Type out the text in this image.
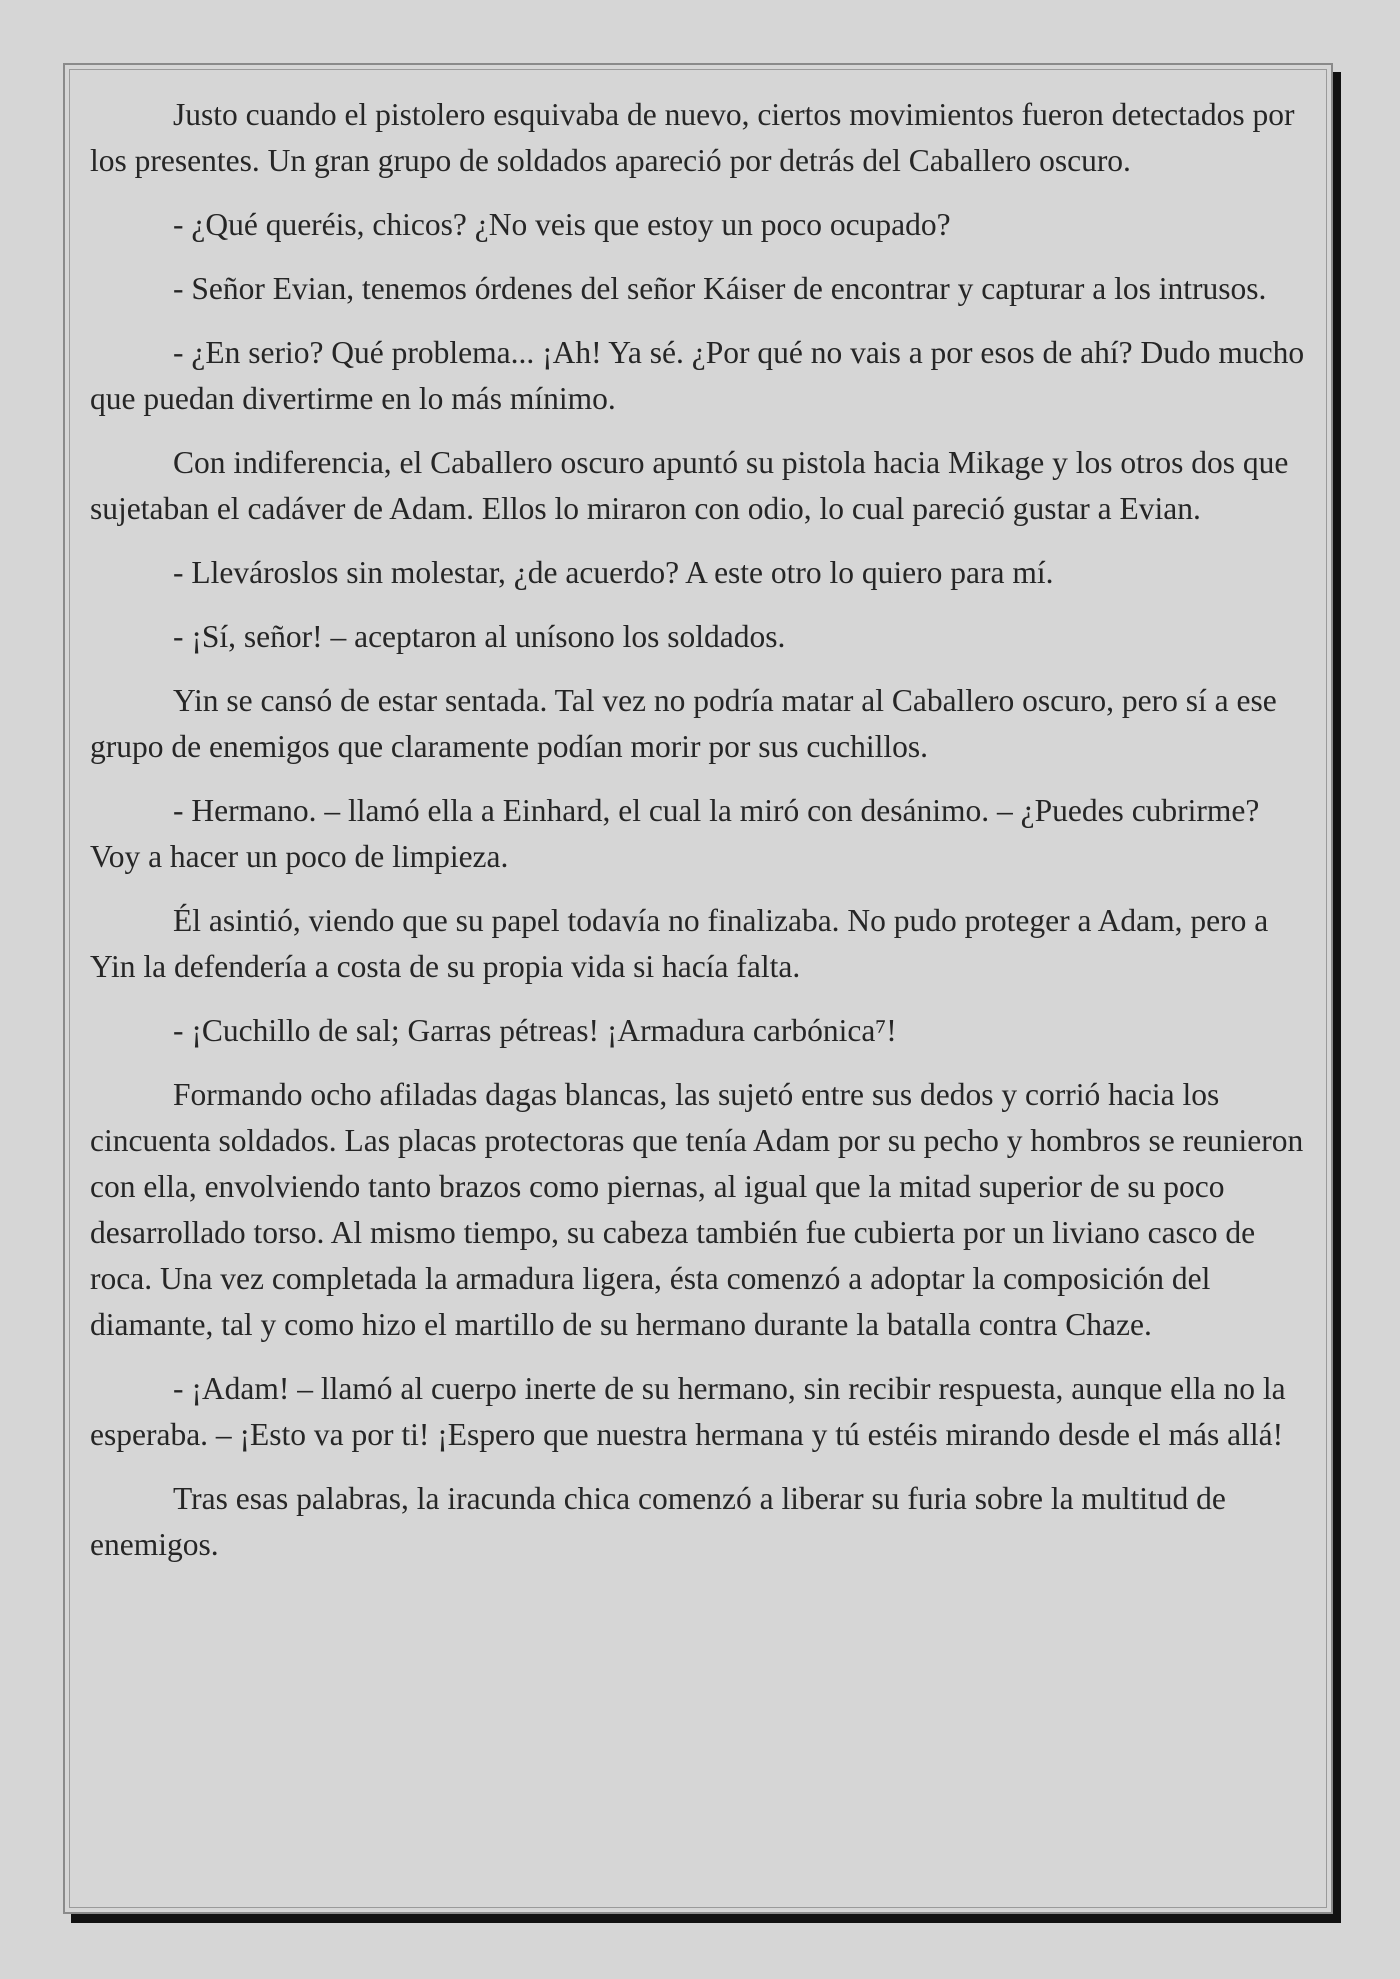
Justo cuando el pistolero esquivaba de nuevo, ciertos movimientos fueron detectados por los presentes. Un gran grupo de soldados apareció por detrás del Caballero oscuro.

- ¿Qué queréis, chicos? ¿No veis que estoy un poco ocupado?

- Señor Evian, tenemos órdenes del señor Káiser de encontrar y capturar a los intrusos.

- ¿En serio? Qué problema... ¡Ah! Ya sé. ¿Por qué no vais a por esos de ahí? Dudo mucho que puedan divertirme en lo más mínimo.

Con indiferencia, el Caballero oscuro apuntó su pistola hacia Mikage y los otros dos que sujetaban el cadáver de Adam. Ellos lo miraron con odio, lo cual pareció gustar a Evian.

- Llevároslos sin molestar, ¿de acuerdo? A este otro lo quiero para mí.

- ¡Sí, señor! – aceptaron al unísono los soldados.

Yin se cansó de estar sentada. Tal vez no podría matar al Caballero oscuro, pero sí a ese grupo de enemigos que claramente podían morir por sus cuchillos.

- Hermano. – llamó ella a Einhard, el cual la miró con desánimo. – ¿Puedes cubrirme? Voy a hacer un poco de limpieza.

Él asintió, viendo que su papel todavía no finalizaba. No pudo proteger a Adam, pero a Yin la defendería a costa de su propia vida si hacía falta.

- ¡Cuchillo de sal; Garras pétreas! ¡Armadura carbónica⁷!

Formando ocho afiladas dagas blancas, las sujetó entre sus dedos y corrió hacia los cincuenta soldados. Las placas protectoras que tenía Adam por su pecho y hombros se reunieron con ella, envolviendo tanto brazos como piernas, al igual que la mitad superior de su poco desarrollado torso. Al mismo tiempo, su cabeza también fue cubierta por un liviano casco de roca. Una vez completada la armadura ligera, ésta comenzó a adoptar la composición del diamante, tal y como hizo el martillo de su hermano durante la batalla contra Chaze.

- ¡Adam! – llamó al cuerpo inerte de su hermano, sin recibir respuesta, aunque ella no la esperaba. – ¡Esto va por ti! ¡Espero que nuestra hermana y tú estéis mirando desde el más allá!

Tras esas palabras, la iracunda chica comenzó a liberar su furia sobre la multitud de enemigos.
